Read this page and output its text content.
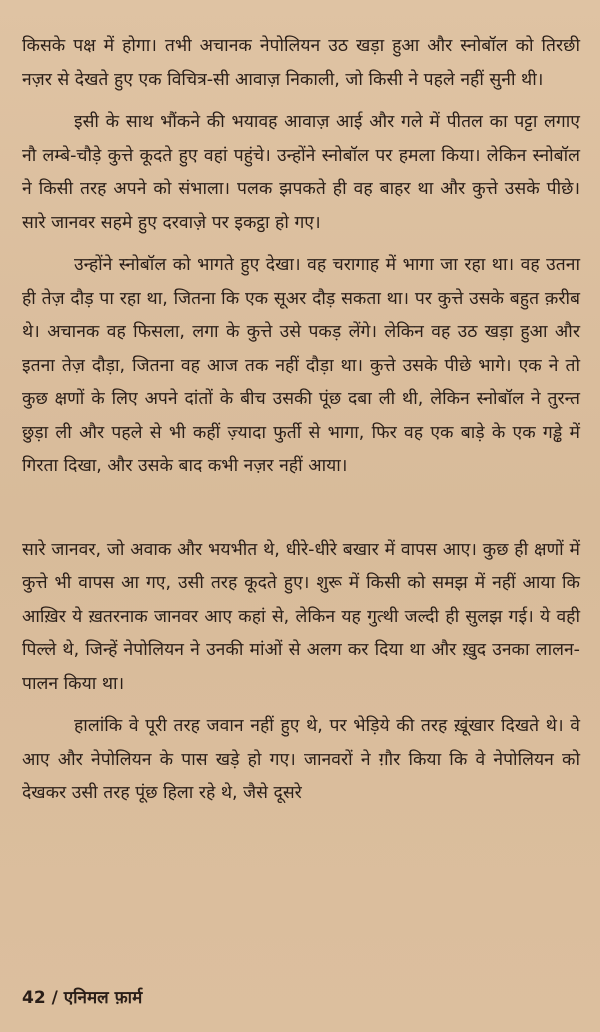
किसके पक्ष में होगा। तभी अचानक नेपोलियन उठ खड़ा हुआ और स्नोबॉल को तिरछी नज़र से देखते हुए एक विचित्र-सी आवाज़ निकाली, जो किसी ने पहले नहीं सुनी थी।

इसी के साथ भौंकने की भयावह आवाज़ आई और गले में पीतल का पट्टा लगाए नौ लम्बे-चौड़े कुत्ते कूदते हुए वहां पहुंचे। उन्होंने स्नोबॉल पर हमला किया। लेकिन स्नोबॉल ने किसी तरह अपने को संभाला। पलक झपकते ही वह बाहर था और कुत्ते उसके पीछे। सारे जानवर सहमे हुए दरवाज़े पर इकट्ठा हो गए।

उन्होंने स्नोबॉल को भागते हुए देखा। वह चरागाह में भागा जा रहा था। वह उतना ही तेज़ दौड़ पा रहा था, जितना कि एक सूअर दौड़ सकता था। पर कुत्ते उसके बहुत क़रीब थे। अचानक वह फिसला, लगा के कुत्ते उसे पकड़ लेंगे। लेकिन वह उठ खड़ा हुआ और इतना तेज़ दौड़ा, जितना वह आज तक नहीं दौड़ा था। कुत्ते उसके पीछे भागे। एक ने तो कुछ क्षणों के लिए अपने दांतों के बीच उसकी पूंछ दबा ली थी, लेकिन स्नोबॉल ने तुरन्त छुड़ा ली और पहले से भी कहीं ज़्यादा फुर्ती से भागा, फिर वह एक बाड़े के एक गड्ढे में गिरता दिखा, और उसके बाद कभी नज़र नहीं आया।

सारे जानवर, जो अवाक और भयभीत थे, धीरे-धीरे बखार में वापस आए। कुछ ही क्षणों में कुत्ते भी वापस आ गए, उसी तरह कूदते हुए। शुरू में किसी को समझ में नहीं आया कि आख़िर ये ख़तरनाक जानवर आए कहां से, लेकिन यह गुत्थी जल्दी ही सुलझ गई। ये वही पिल्ले थे, जिन्हें नेपोलियन ने उनकी मांओं से अलग कर दिया था और ख़ुद उनका लालन-पालन किया था।

हालांकि वे पूरी तरह जवान नहीं हुए थे, पर भेड़िये की तरह ख़ूंखार दिखते थे। वे आए और नेपोलियन के पास खड़े हो गए। जानवरों ने ग़ौर किया कि वे नेपोलियन को देखकर उसी तरह पूंछ हिला रहे थे, जैसे दूसरे

42 / एनिमल फ़ार्म
